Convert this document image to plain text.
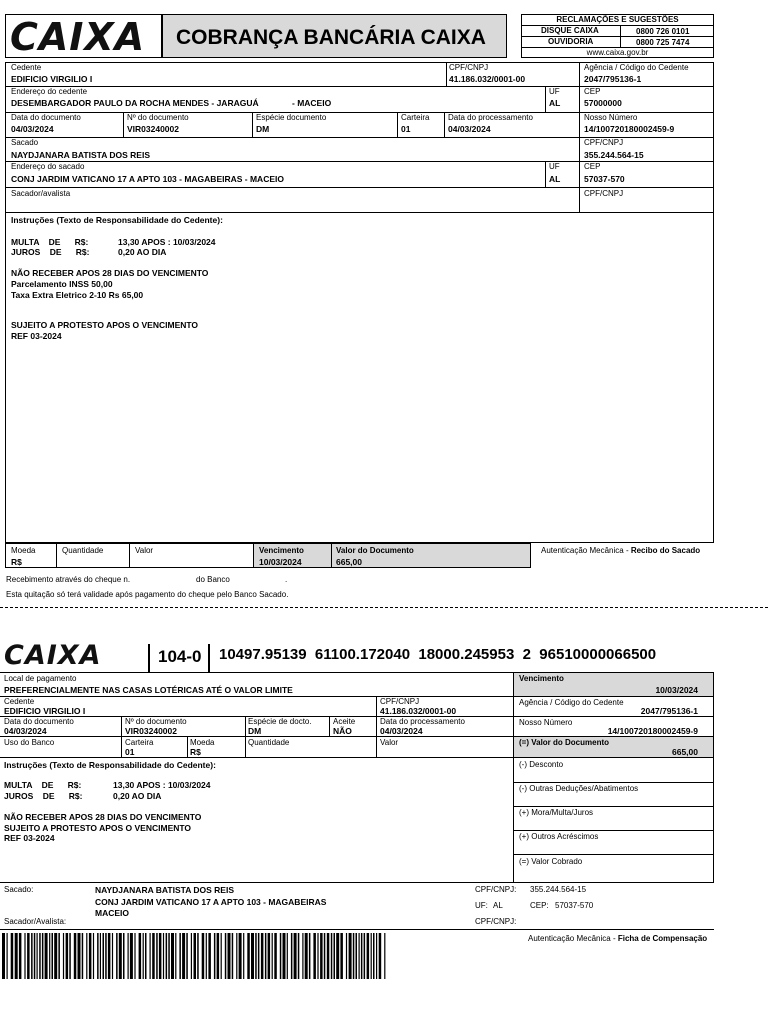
CAIXA COBRANÇA BANCÁRIA CAIXA
RECLAMAÇÕES E SUGESTÕES
DISQUE CAIXA	0800 726 0101
OUVIDORIA	0800 725 7474
www.caixa.gov.br
Cedente
EDIFICIO VIRGILIO I
CPF/CNPJ
41.186.032/0001-00
Agência / Código do Cedente
2047/795136-1
Endereço do cedente
DESEMBARGADOR PAULO DA ROCHA MENDES - JARAGUÁ	- MACEIO
UF
AL
CEP
57000000
Data do documento
04/03/2024
Nº do documento
VIR03240002
Espécie documento
DM
Carteira
01
Data do processamento
04/03/2024
Nosso Número
14/100720180002459-9
Sacado
NAYDJANARA BATISTA DOS REIS
CPF/CNPJ
355.244.564-15
Endereço do sacado
CONJ JARDIM VATICANO 17 A APTO 103 - MAGABEIRAS - MACEIO
UF
AL
CEP
57037-570
Sacador/avalista	CPF/CNPJ
Instruções (Texto de Responsabilidade do Cedente):
MULTA    DE      R$:	13,30 APOS : 10/03/2024
JUROS    DE      R$:	0,20 AO DIA
NÃO RECEBER APOS 28 DIAS DO VENCIMENTO
Parcelamento INSS 50,00
Taxa Extra Eletrico 2-10 Rs 65,00
SUJEITO A PROTESTO APOS O VENCIMENTO
REF 03-2024
Moeda
R$
Quantidade	Valor	Vencimento
10/03/2024
Valor do Documento
665,00
Autenticação Mecânica - Recibo do Sacado
Recebimento através do cheque n.	do Banco	.
Esta quitação só terá validade após pagamento do cheque pelo Banco Sacado.
CAIXA	104-0 10497.95139  61100.172040  18000.245953  2  96510000066500
Local de pagamento
PREFERENCIALMENTE NAS CASAS LOTÉRICAS ATÉ O VALOR LIMITE
Vencimento
10/03/2024
Cedente
EDIFICIO VIRGILIO I
CPF/CNPJ
41.186.032/0001-00
Agência / Código do Cedente
2047/795136-1
Data do documento
04/03/2024
Nº do documento
VIR03240002
Espécie de docto.
DM
Aceite
NÃO
Data do processamento
04/03/2024
Nosso Número
14/100720180002459-9
Uso do Banco	Carteira
01
Moeda
R$
Quantidade	Valor	(=) Valor do Documento
665,00
Instruções (Texto de Responsabilidade do Cedente):
MULTA    DE      R$:	13,30 APOS : 10/03/2024
JUROS    DE      R$:	0,20 AO DIA
NÃO RECEBER APOS 28 DIAS DO VENCIMENTO
SUJEITO A PROTESTO APOS O VENCIMENTO
REF 03-2024
(-) Desconto
(-) Outras Deduções/Abatimentos
(+) Mora/Multa/Juros
(+) Outros Acréscimos
(=) Valor Cobrado
Sacado:	NAYDJANARA BATISTA DOS REIS
CONJ JARDIM VATICANO 17 A APTO 103 - MAGABEIRAS
MACEIO
CPF/CNPJ: 355.244.564-15
UF: AL	CEP: 57037-570
Sacador/Avalista:	CPF/CNPJ:
Autenticação Mecânica - Ficha de Compensação
